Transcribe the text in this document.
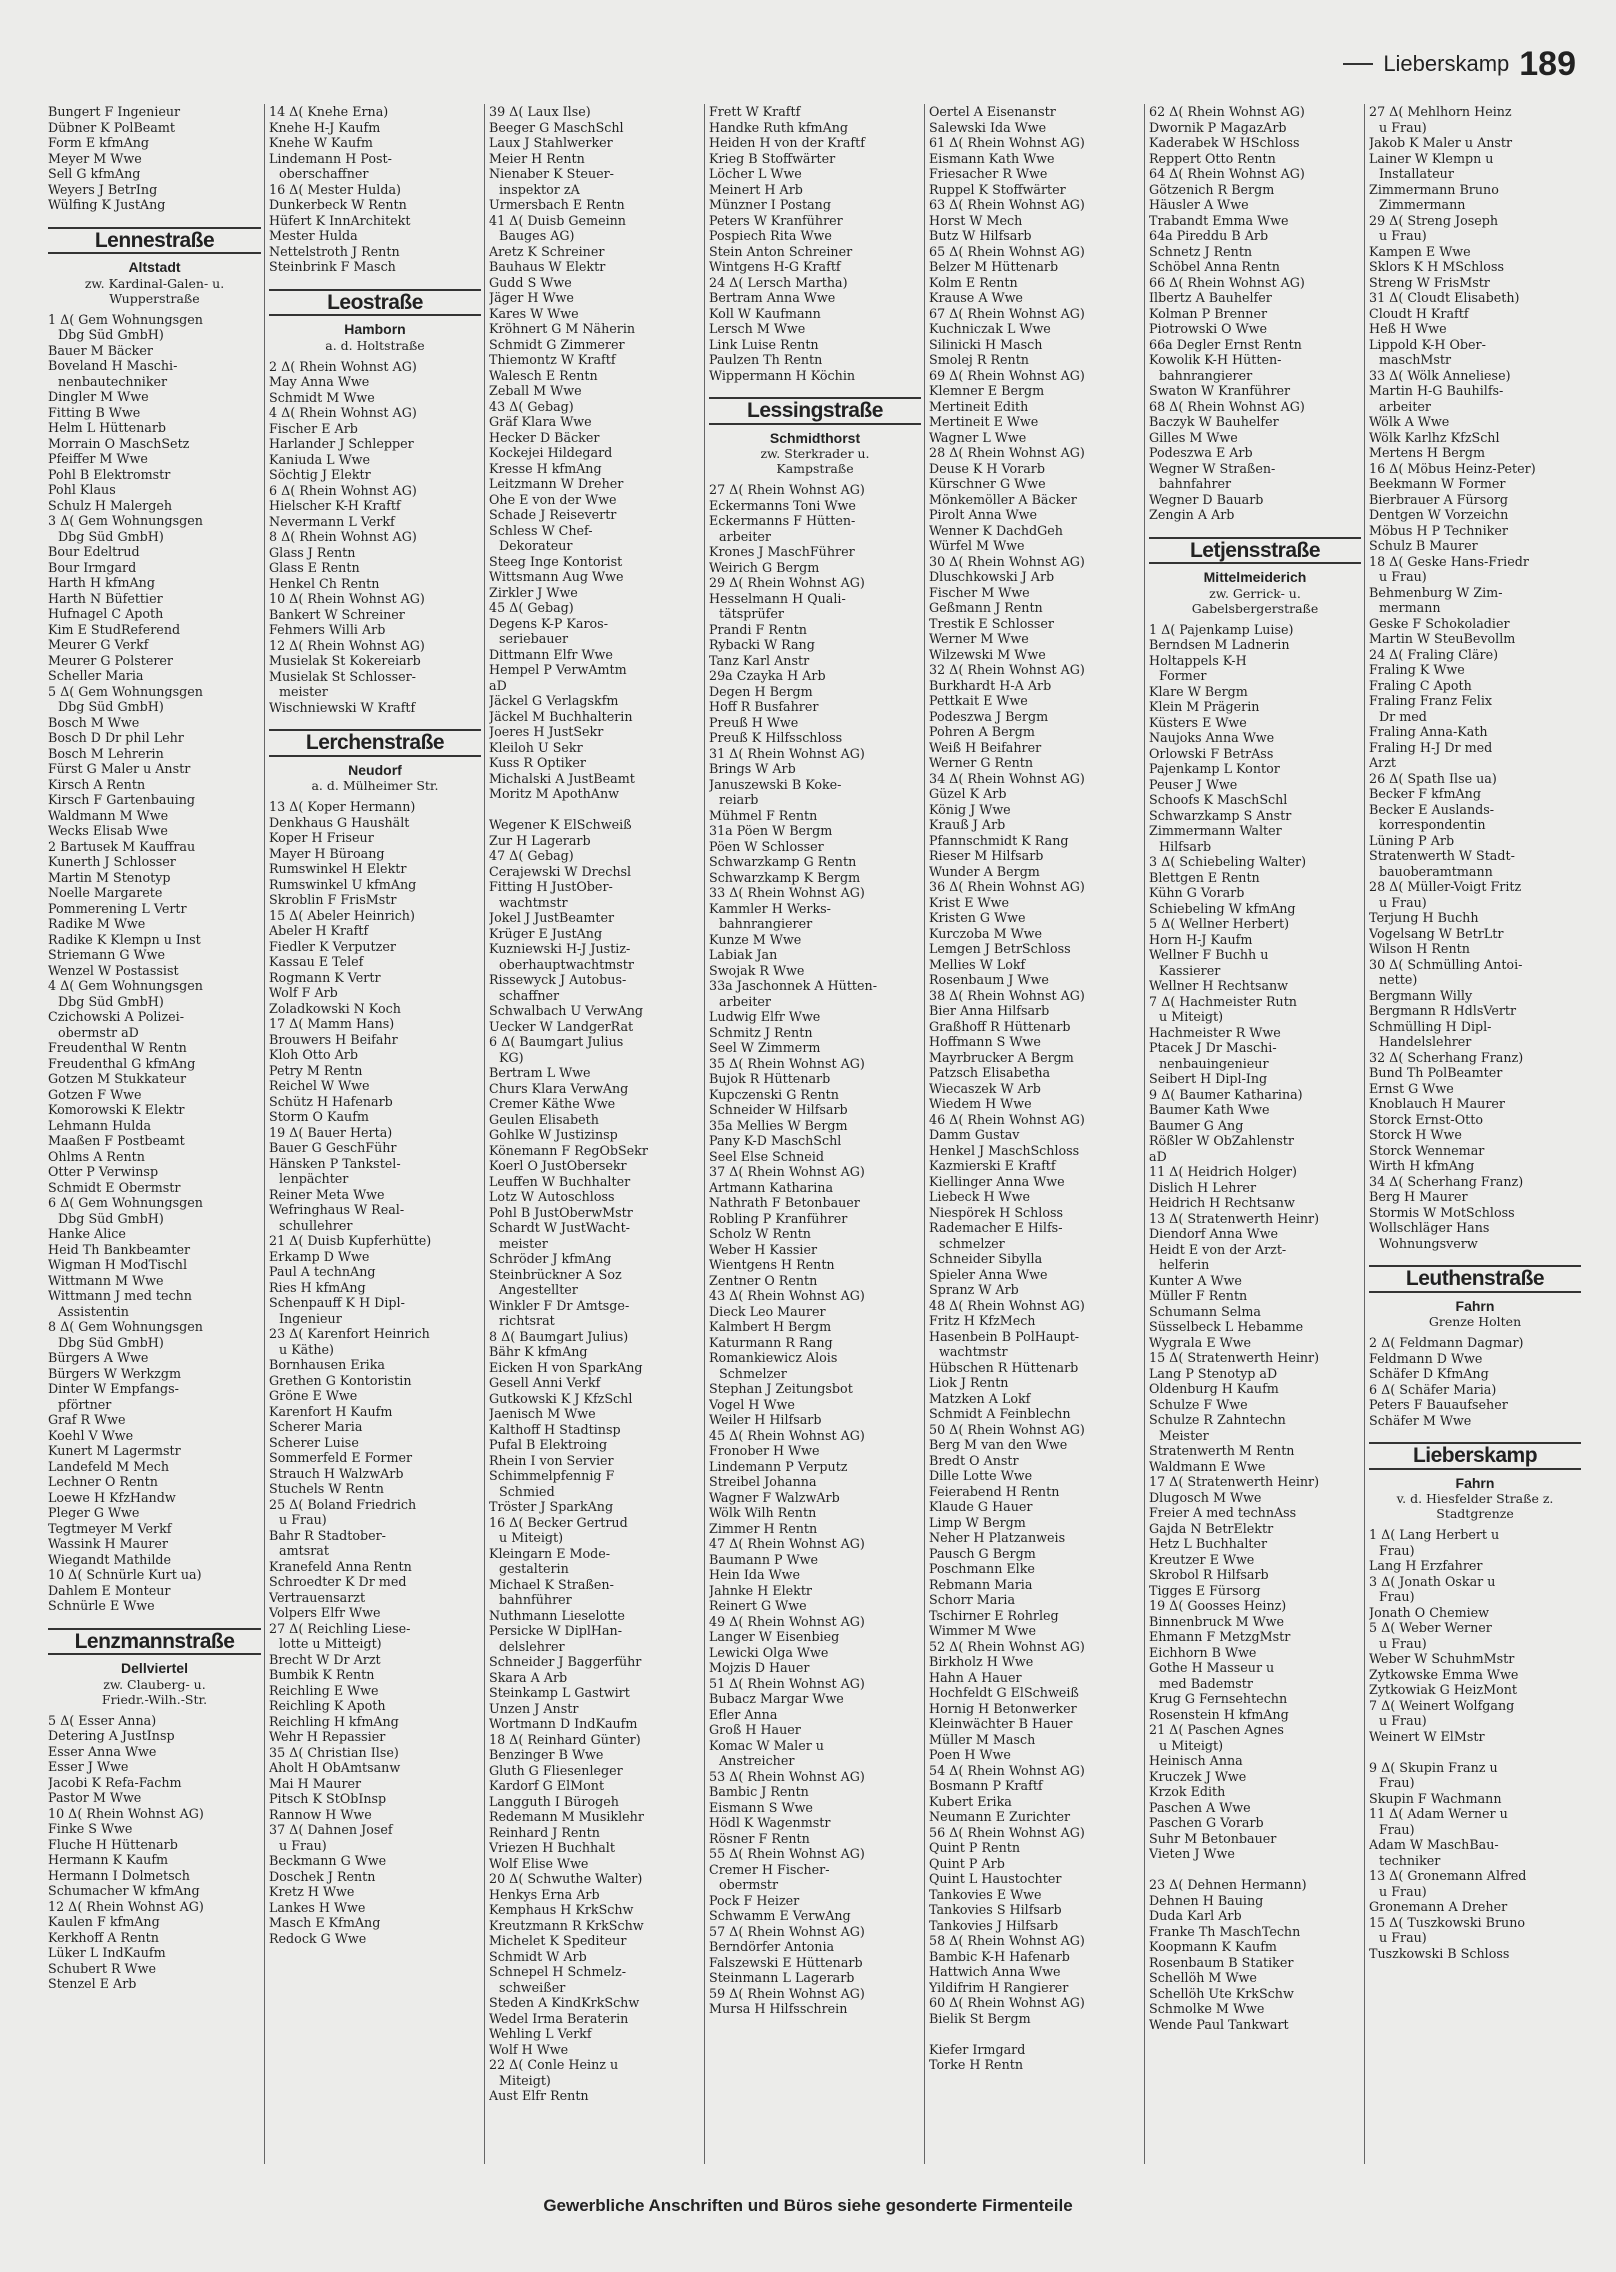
Lieberskamp 189
Bungert F Ingenieur
Dübner K PolBeamt
Form E kfmAng
Meyer M Wwe
Sell G kfmAng
Weyers J BetrIng
Wülfing K JustAng
Lennestraße
Altstadt
zw. Kardinal-Galen- u.
Wupperstraße
1 Δ( Gem Wohnungsgen
Dbg Süd GmbH)
Bauer M Bäcker
Boveland H Maschi-
nenbautechniker
Dingler M Wwe
Fitting B Wwe
Helm L Hüttenarb
Morrain O MaschSetz
Pfeiffer M Wwe
Pohl B Elektromstr
Pohl Klaus
Schulz H Malergeh
3 Δ( Gem Wohnungsgen
Dbg Süd GmbH)
Bour Edeltrud
Bour Irmgard
Harth H kfmAng
Harth N Büfettier
Hufnagel C Apoth
Kim E StudReferend
Meurer G Verkf
Meurer G Polsterer
Scheller Maria
5 Δ( Gem Wohnungsgen
Dbg Süd GmbH)
Bosch M Wwe
Bosch D Dr phil Lehr
Bosch M Lehrerin
Fürst G Maler u Anstr
Kirsch A Rentn
Kirsch F Gartenbauing
Waldmann M Wwe
Wecks Elisab Wwe
2 Bartusek M Kauffrau
Kunerth J Schlosser
Martin M Stenotyp
Noelle Margarete
Pommerening L Vertr
Radike M Wwe
Radike K Klempn u Inst
Striemann G Wwe
Wenzel W Postassist
4 Δ( Gem Wohnungsgen
Dbg Süd GmbH)
Czichowski A Polizei-
obermstr aD
Freudenthal W Rentn
Freudenthal G kfmAng
Gotzen M Stukkateur
Gotzen F Wwe
Komorowski K Elektr
Lehmann Hulda
Maaßen F Postbeamt
Ohlms A Rentn
Otter P Verwinsp
Schmidt E Obermstr
6 Δ( Gem Wohnungsgen
Dbg Süd GmbH)
Hanke Alice
Heid Th Bankbeamter
Wigman H ModTischl
Wittmann M Wwe
Wittmann J med techn
Assistentin
8 Δ( Gem Wohnungsgen
Dbg Süd GmbH)
Bürgers A Wwe
Bürgers W Werkzgm
Dinter W Empfangs-
pförtner
Graf R Wwe
Koehl V Wwe
Kunert M Lagermstr
Landefeld M Mech
Lechner O Rentn
Loewe H KfzHandw
Pleger G Wwe
Tegtmeyer M Verkf
Wassink H Maurer
Wiegandt Mathilde
10 Δ( Schnürle Kurt ua)
Dahlem E Monteur
Schnürle E Wwe
Lenzmannstraße
Dellviertel
zw. Clauberg- u.
Friedr.-Wilh.-Str.
5 Δ( Esser Anna)
Detering A JustInsp
Esser Anna Wwe
Esser J Wwe
Jacobi K Refa-Fachm
Pastor M Wwe
10 Δ( Rhein Wohnst AG)
Finke S Wwe
Fluche H Hüttenarb
Hermann K Kaufm
Hermann I Dolmetsch
Schumacher W kfmAng
12 Δ( Rhein Wohnst AG)
Kaulen F kfmAng
Kerkhoff A Rentn
Lüker L IndKaufm
Schubert R Wwe
Stenzel E Arb
14 Δ( Knehe Erna)
Knehe H-J Kaufm
Knehe W Kaufm
Lindemann H Post-
oberschaffner
16 Δ( Mester Hulda)
Dunkerbeck W Rentn
Hüfert K InnArchitekt
Mester Hulda
Nettelstroth J Rentn
Steinbrink F Masch
Leostraße
Hamborn
a. d. Holtstraße
2 Δ( Rhein Wohnst AG)
May Anna Wwe
Schmidt M Wwe
4 Δ( Rhein Wohnst AG)
Fischer E Arb
Harlander J Schlepper
Kaniuda L Wwe
Söchtig J Elektr
6 Δ( Rhein Wohnst AG)
Hielscher K-H Kraftf
Nevermann L Verkf
8 Δ( Rhein Wohnst AG)
Glass J Rentn
Glass E Rentn
Henkel Ch Rentn
10 Δ( Rhein Wohnst AG)
Bankert W Schreiner
Fehmers Willi Arb
12 Δ( Rhein Wohnst AG)
Musielak St Kokereiarb
Musielak St Schlosser-
meister
Wischniewski W Kraftf
Lerchenstraße
Neudorf
a. d. Mülheimer Str.
13 Δ( Koper Hermann)
Denkhaus G Haushält
Koper H Friseur
Mayer H Büroang
Rumswinkel H Elektr
Rumswinkel U kfmAng
Skroblin F FrisMstr
15 Δ( Abeler Heinrich)
Abeler H Kraftf
Fiedler K Verputzer
Kassau E Telef
Rogmann K Vertr
Wolf F Arb
Zoladkowski N Koch
17 Δ( Mamm Hans)
Brouwers H Beifahr
Kloh Otto Arb
Petry M Rentn
Reichel W Wwe
Schütz H Hafenarb
Storm O Kaufm
19 Δ( Bauer Herta)
Bauer G GeschFühr
Hänsken P Tankstel-
lenpächter
Reiner Meta Wwe
Wefringhaus W Real-
schullehrer
21 Δ( Duisb Kupferhütte)
Erkamp D Wwe
Paul A technAng
Ries H kfmAng
Schenpauff K H Dipl-
Ingenieur
23 Δ( Karenfort Heinrich
u Käthe)
Bornhausen Erika
Grethen G Kontoristin
Gröne E Wwe
Karenfort H Kaufm
Scherer Maria
Scherer Luise
Sommerfeld E Former
Strauch H WalzwArb
Stuchels W Rentn
25 Δ( Boland Friedrich
u Frau)
Bahr R Stadtober-
amtsrat
Kranefeld Anna Rentn
Schroedter K Dr med
Vertrauensarzt
Volpers Elfr Wwe
27 Δ( Reichling Liese-
lotte u Mitteigt)
Brecht W Dr Arzt
Bumbik K Rentn
Reichling E Wwe
Reichling K Apoth
Reichling H kfmAng
Wehr H Repassier
35 Δ( Christian Ilse)
Aholt H ObAmtsanw
Mai H Maurer
Pitsch K StObInsp
Rannow H Wwe
37 Δ( Dahnen Josef
u Frau)
Beckmann G Wwe
Doschek J Rentn
Kretz H Wwe
Lankes H Wwe
Masch E KfmAng
Redock G Wwe
39 Δ( Laux Ilse)
Beeger G MaschSchl
Laux J Stahlwerker
Meier H Rentn
Nienaber K Steuer-
inspektor zA
Urmersbach E Rentn
41 Δ( Duisb Gemeinn
Bauges AG)
Aretz K Schreiner
Bauhaus W Elektr
Gudd S Wwe
Jäger H Wwe
Kares W Wwe
Kröhnert G M Näherin
Schmidt G Zimmerer
Thiemontz W Kraftf
Walesch E Rentn
Zeball M Wwe
43 Δ( Gebag)
Gräf Klara Wwe
Hecker D Bäcker
Kockejei Hildegard
Kresse H kfmAng
Leitzmann W Dreher
Ohe E von der Wwe
Schade J Reisevertr
Schless W Chef-
Dekorateur
Steeg Inge Kontorist
Wittsmann Aug Wwe
Zirkler J Wwe
45 Δ( Gebag)
Degens K-P Karos-
seriebauer
Dittmann Elfr Wwe
Hempel P VerwAmtm
aD
Jäckel G Verlagskfm
Jäckel M Buchhalterin
Joeres H JustSekr
Kleiloh U Sekr
Kuss R Optiker
Michalski A JustBeamt
Moritz M ApothAnw

Wegener K ElSchweiß
Zur H Lagerarb
47 Δ( Gebag)
Cerajewski W Drechsl
Fitting H JustOber-
wachtmstr
Jokel J JustBeamter
Krüger E JustAng
Kuzniewski H-J Justiz-
oberhauptwachtmstr
Rissewyck J Autobus-
schaffner
Schwalbach U VerwAng
Uecker W LandgerRat
6 Δ( Baumgart Julius
KG)
Bertram L Wwe
Churs Klara VerwAng
Cremer Käthe Wwe
Geulen Elisabeth
Gohlke W Justizinsp
Könemann F RegObSekr
Koerl O JustObersekr
Leuffen W Buchhalter
Lotz W Autoschloss
Pohl B JustOberwMstr
Schardt W JustWacht-
meister
Schröder J kfmAng
Steinbrückner A Soz
Angestellter
Winkler F Dr Amtsge-
richtsrat
8 Δ( Baumgart Julius)
Bähr K kfmAng
Eicken H von SparkAng
Gesell Anni Verkf
Gutkowski K J KfzSchl
Jaenisch M Wwe
Kalthoff H Stadtinsp
Pufal B Elektroing
Rhein I von Servier
Schimmelpfennig F
Schmied
Tröster J SparkAng
16 Δ( Becker Gertrud
u Miteigt)
Kleingarn E Mode-
gestalterin
Michael K Straßen-
bahnführer
Nuthmann Lieselotte
Persicke W DiplHan-
delslehrer
Schneider J Baggerführ
Skara A Arb
Steinkamp L Gastwirt
Unzen J Anstr
Wortmann D IndKaufm
18 Δ( Reinhard Günter)
Benzinger B Wwe
Gluth G Fliesenleger
Kardorf G ElMont
Langguth I Bürogeh
Redemann M Musiklehr
Reinhard J Rentn
Vriezen H Buchhalt
Wolf Elise Wwe
20 Δ( Schwuthe Walter)
Henkys Erna Arb
Kemphaus H KrkSchw
Kreutzmann R KrkSchw
Michelet K Spediteur
Schmidt W Arb
Schnepel H Schmelz-
schweißer
Steden A KindKrkSchw
Wedel Irma Beraterin
Wehling L Verkf
Wolf H Wwe
22 Δ( Conle Heinz u
Miteigt)
Aust Elfr Rentn
Frett W Kraftf
Handke Ruth kfmAng
Heiden H von der Kraftf
Krieg B Stoffwärter
Löcher L Wwe
Meinert H Arb
Münzner I Postang
Peters W Kranführer
Pospiech Rita Wwe
Stein Anton Schreiner
Wintgens H-G Kraftf
24 Δ( Lersch Martha)
Bertram Anna Wwe
Koll W Kaufmann
Lersch M Wwe
Link Luise Rentn
Paulzen Th Rentn
Wippermann H Köchin
Lessingstraße
Schmidthorst
zw. Sterkrader u.
Kampstraße
27 Δ( Rhein Wohnst AG)
Eckermanns Toni Wwe
Eckermanns F Hütten-
arbeiter
Krones J MaschFührer
Weirich G Bergm
29 Δ( Rhein Wohnst AG)
Hesselmann H Quali-
tätsprüfer
Prandi F Rentn
Rybacki W Rang
Tanz Karl Anstr
29a Czayka H Arb
Degen H Bergm
Hoff R Busfahrer
Preuß H Wwe
Preuß K Hilfsschloss
31 Δ( Rhein Wohnst AG)
Brings W Arb
Januszewski B Koke-
reiarb
Mühmel F Rentn
31a Pöen W Bergm
Pöen W Schlosser
Schwarzkamp G Rentn
Schwarzkamp K Bergm
33 Δ( Rhein Wohnst AG)
Kammler H Werks-
bahnrangierer
Kunze M Wwe
Labiak Jan
Swojak R Wwe
33a Jaschonnek A Hütten-
arbeiter
Ludwig Elfr Wwe
Schmitz J Rentn
Seel W Zimmerm
35 Δ( Rhein Wohnst AG)
Bujok R Hüttenarb
Kupczenski G Rentn
Schneider W Hilfsarb
35a Mellies W Bergm
Pany K-D MaschSchl
Seel Else Schneid
37 Δ( Rhein Wohnst AG)
Artmann Katharina
Nathrath F Betonbauer
Robling P Kranführer
Scholz W Rentn
Weber H Kassier
Wientgens H Rentn
Zentner O Rentn
43 Δ( Rhein Wohnst AG)
Dieck Leo Maurer
Kalmbert H Bergm
Katurmann R Rang
Romankiewicz Alois
Schmelzer
Stephan J Zeitungsbot
Vogel H Wwe
Weiler H Hilfsarb
45 Δ( Rhein Wohnst AG)
Fronober H Wwe
Lindemann P Verputz
Streibel Johanna
Wagner F WalzwArb
Wölk Wilh Rentn
Zimmer H Rentn
47 Δ( Rhein Wohnst AG)
Baumann P Wwe
Hein Ida Wwe
Jahnke H Elektr
Reinert G Wwe
49 Δ( Rhein Wohnst AG)
Langer W Eisenbieg
Lewicki Olga Wwe
Mojzis D Hauer
51 Δ( Rhein Wohnst AG)
Bubacz Margar Wwe
Efler Anna
Groß H Hauer
Komac W Maler u
Anstreicher
53 Δ( Rhein Wohnst AG)
Bambic J Rentn
Eismann S Wwe
Hödl K Wagenmstr
Rösner F Rentn
55 Δ( Rhein Wohnst AG)
Cremer H Fischer-
obermstr
Pock F Heizer
Schwamm E VerwAng
57 Δ( Rhein Wohnst AG)
Berndörfer Antonia
Falszewski E Hüttenarb
Steinmann L Lagerarb
59 Δ( Rhein Wohnst AG)
Mursa H Hilfsschrein
Oertel A Eisenanstr
Salewski Ida Wwe
61 Δ( Rhein Wohnst AG)
Eismann Kath Wwe
Friesacher R Wwe
Ruppel K Stoffwärter
63 Δ( Rhein Wohnst AG)
Horst W Mech
Butz W Hilfsarb
65 Δ( Rhein Wohnst AG)
Belzer M Hüttenarb
Kolm E Rentn
Krause A Wwe
67 Δ( Rhein Wohnst AG)
Kuchniczak L Wwe
Silinicki H Masch
Smolej R Rentn
69 Δ( Rhein Wohnst AG)
Klemner E Bergm
Mertineit Edith
Mertineit E Wwe
Wagner L Wwe
28 Δ( Rhein Wohnst AG)
Deuse K H Vorarb
Kürschner G Wwe
Mönkemöller A Bäcker
Pirolt Anna Wwe
Wenner K DachdGeh
Würfel M Wwe
30 Δ( Rhein Wohnst AG)
Dluschkowski J Arb
Fischer M Wwe
Geßmann J Rentn
Trestik E Schlosser
Werner M Wwe
Wilzewski M Wwe
32 Δ( Rhein Wohnst AG)
Burkhardt H-A Arb
Pettkait E Wwe
Podeszwa J Bergm
Pohren A Bergm
Weiß H Beifahrer
Werner G Rentn
34 Δ( Rhein Wohnst AG)
Güzel K Arb
König J Wwe
Krauß J Arb
Pfannschmidt K Rang
Rieser M Hilfsarb
Wunder A Bergm
36 Δ( Rhein Wohnst AG)
Krist E Wwe
Kristen G Wwe
Kurczoba M Wwe
Lemgen J BetrSchloss
Mellies W Lokf
Rosenbaum J Wwe
38 Δ( Rhein Wohnst AG)
Bier Anna Hilfsarb
Graßhoff R Hüttenarb
Hoffmann S Wwe
Mayrbrucker A Bergm
Patzsch Elisabetha
Wiecaszek W Arb
Wiedem H Wwe
46 Δ( Rhein Wohnst AG)
Damm Gustav
Henkel J MaschSchloss
Kazmierski E Kraftf
Kiellinger Anna Wwe
Liebeck H Wwe
Niespörek H Schloss
Rademacher E Hilfs-
schmelzer
Schneider Sibylla
Spieler Anna Wwe
Spranz W Arb
48 Δ( Rhein Wohnst AG)
Fritz H KfzMech
Hasenbein B PolHaupt-
wachtmstr
Hübschen R Hüttenarb
Liok J Rentn
Matzken A Lokf
Schmidt A Feinblechn
50 Δ( Rhein Wohnst AG)
Berg M van den Wwe
Bredt O Anstr
Dille Lotte Wwe
Feierabend H Rentn
Klaude G Hauer
Limp W Bergm
Neher H Platzanweis
Pausch G Bergm
Poschmann Elke
Rebmann Maria
Schorr Maria
Tschirner E Rohrleg
Wimmer M Wwe
52 Δ( Rhein Wohnst AG)
Birkholz H Wwe
Hahn A Hauer
Hochfeldt G ElSchweiß
Hornig H Betonwerker
Kleinwächter B Hauer
Müller M Masch
Poen H Wwe
54 Δ( Rhein Wohnst AG)
Bosmann P Kraftf
Kubert Erika
Neumann E Zurichter
56 Δ( Rhein Wohnst AG)
Quint P Rentn
Quint P Arb
Quint L Haustochter
Tankovies E Wwe
Tankovies S Hilfsarb
Tankovies J Hilfsarb
58 Δ( Rhein Wohnst AG)
Bambic K-H Hafenarb
Hattwich Anna Wwe
Yildifrim H Rangierer
60 Δ( Rhein Wohnst AG)
Bielik St Bergm

Kiefer Irmgard
Torke H Rentn
62 Δ( Rhein Wohnst AG)
Dwornik P MagazArb
Kaderabek W HSchloss
Reppert Otto Rentn
64 Δ( Rhein Wohnst AG)
Götzenich R Bergm
Häusler A Wwe
Trabandt Emma Wwe
64a Pireddu B Arb
Schnetz J Rentn
Schöbel Anna Rentn
66 Δ( Rhein Wohnst AG)
Ilbertz A Bauhelfer
Kolman P Brenner
Piotrowski O Wwe
66a Degler Ernst Rentn
Kowolik K-H Hütten-
bahnrangierer
Swaton W Kranführer
68 Δ( Rhein Wohnst AG)
Baczyk W Bauhelfer
Gilles M Wwe
Podeszwa E Arb
Wegner W Straßen-
bahnfahrer
Wegner D Bauarb
Zengin A Arb
Letjensstraße
Mittelmeiderich
zw. Gerrick- u.
Gabelsbergerstraße
1 Δ( Pajenkamp Luise)
Berndsen M Ladnerin
Holtappels K-H
Former
Klare W Bergm
Klein M Prägerin
Küsters E Wwe
Naujoks Anna Wwe
Orlowski F BetrAss
Pajenkamp L Kontor
Peuser J Wwe
Schoofs K MaschSchl
Schwarzkamp S Anstr
Zimmermann Walter
Hilfsarb
3 Δ( Schiebeling Walter)
Blettgen E Rentn
Kühn G Vorarb
Schiebeling W kfmAng
5 Δ( Wellner Herbert)
Horn H-J Kaufm
Wellner F Buchh u
Kassierer
Wellner H Rechtsanw
7 Δ( Hachmeister Rutn
u Miteigt)
Hachmeister R Wwe
Ptacek J Dr Maschi-
nenbauingenieur
Seibert H Dipl-Ing
9 Δ( Baumer Katharina)
Baumer Kath Wwe
Baumer G Ang
Rößler W ObZahlenstr
aD
11 Δ( Heidrich Holger)
Dislich H Lehrer
Heidrich H Rechtsanw
13 Δ( Stratenwerth Heinr)
Diendorf Anna Wwe
Heidt E von der Arzt-
helferin
Kunter A Wwe
Müller F Rentn
Schumann Selma
Süsselbeck L Hebamme
Wygrala E Wwe
15 Δ( Stratenwerth Heinr)
Lang P Stenotyp aD
Oldenburg H Kaufm
Schulze F Wwe
Schulze R Zahntechn
Meister
Stratenwerth M Rentn
Waldmann E Wwe
17 Δ( Stratenwerth Heinr)
Dlugosch M Wwe
Freier A med technAss
Gajda N BetrElektr
Hetz L Buchhalter
Kreutzer E Wwe
Skrobol R Hilfsarb
Tigges E Fürsorg
19 Δ( Goosses Heinz)
Binnenbruck M Wwe
Ehmann F MetzgMstr
Eichhorn B Wwe
Gothe H Masseur u
med Bademstr
Krug G Fernsehtechn
Rosenstein H kfmAng
21 Δ( Paschen Agnes
u Miteigt)
Heinisch Anna
Kruczek J Wwe
Krzok Edith
Paschen A Wwe
Paschen G Vorarb
Suhr M Betonbauer
Vieten J Wwe

23 Δ( Dehnen Hermann)
Dehnen H Bauing
Duda Karl Arb
Franke Th MaschTechn
Koopmann K Kaufm
Rosenbaum B Statiker
Schellöh M Wwe
Schellöh Ute KrkSchw
Schmolke M Wwe
Wende Paul Tankwart
27 Δ( Mehlhorn Heinz
u Frau)
Jakob K Maler u Anstr
Lainer W Klempn u
Installateur
Zimmermann Bruno
Zimmermann
29 Δ( Streng Joseph
u Frau)
Kampen E Wwe
Sklors K H MSchloss
Streng W FrisMstr
31 Δ( Cloudt Elisabeth)
Cloudt H Kraftf
Heß H Wwe
Lippold K-H Ober-
maschMstr
33 Δ( Wölk Anneliese)
Martin H-G Bauhilfs-
arbeiter
Wölk A Wwe
Wölk Karlhz KfzSchl
Mertens H Bergm
16 Δ( Möbus Heinz-Peter)
Beekmann W Former
Bierbrauer A Fürsorg
Dentgen W Vorzeichn
Möbus H P Techniker
Schulz B Maurer
18 Δ( Geske Hans-Friedr
u Frau)
Behmenburg W Zim-
mermann
Geske F Schokoladier
Martin W SteuBevollm
24 Δ( Fraling Cläre)
Fraling K Wwe
Fraling C Apoth
Fraling Franz Felix
Dr med
Fraling Anna-Kath
Fraling H-J Dr med
Arzt
26 Δ( Spath Ilse ua)
Becker F kfmAng
Becker E Auslands-
korrespondentin
Lüning P Arb
Stratenwerth W Stadt-
bauoberamtmann
28 Δ( Müller-Voigt Fritz
u Frau)
Terjung H Buchh
Vogelsang W BetrLtr
Wilson H Rentn
30 Δ( Schmülling Antoi-
nette)
Bergmann Willy
Bergmann R HdlsVertr
Schmülling H Dipl-
Handelslehrer
32 Δ( Scherhang Franz)
Bund Th PolBeamter
Ernst G Wwe
Knoblauch H Maurer
Storck Ernst-Otto
Storck H Wwe
Storck Wennemar
Wirth H kfmAng
34 Δ( Scherhang Franz)
Berg H Maurer
Stormis W MotSchloss
Wollschläger Hans
Wohnungsverw
Leuthenstraße
Fahrn
Grenze Holten
2 Δ( Feldmann Dagmar)
Feldmann D Wwe
Schäfer D KfmAng
6 Δ( Schäfer Maria)
Peters F Bauaufseher
Schäfer M Wwe
Lieberskamp
Fahrn
v. d. Hiesfelder Straße z.
Stadtgrenze
1 Δ( Lang Herbert u
Frau)
Lang H Erzfahrer
3 Δ( Jonath Oskar u
Frau)
Jonath O Chemiew
5 Δ( Weber Werner
u Frau)
Weber W SchuhmMstr
Zytkowske Emma Wwe
Zytkowiak G HeizMont
7 Δ( Weinert Wolfgang
u Frau)
Weinert W ElMstr

9 Δ( Skupin Franz u
Frau)
Skupin F Wachmann
11 Δ( Adam Werner u
Frau)
Adam W MaschBau-
techniker
13 Δ( Gronemann Alfred
u Frau)
Gronemann A Dreher
15 Δ( Tuszkowski Bruno
u Frau)
Tuszkowski B Schloss
Gewerbliche Anschriften und Büros siehe gesonderte Firmenteile
